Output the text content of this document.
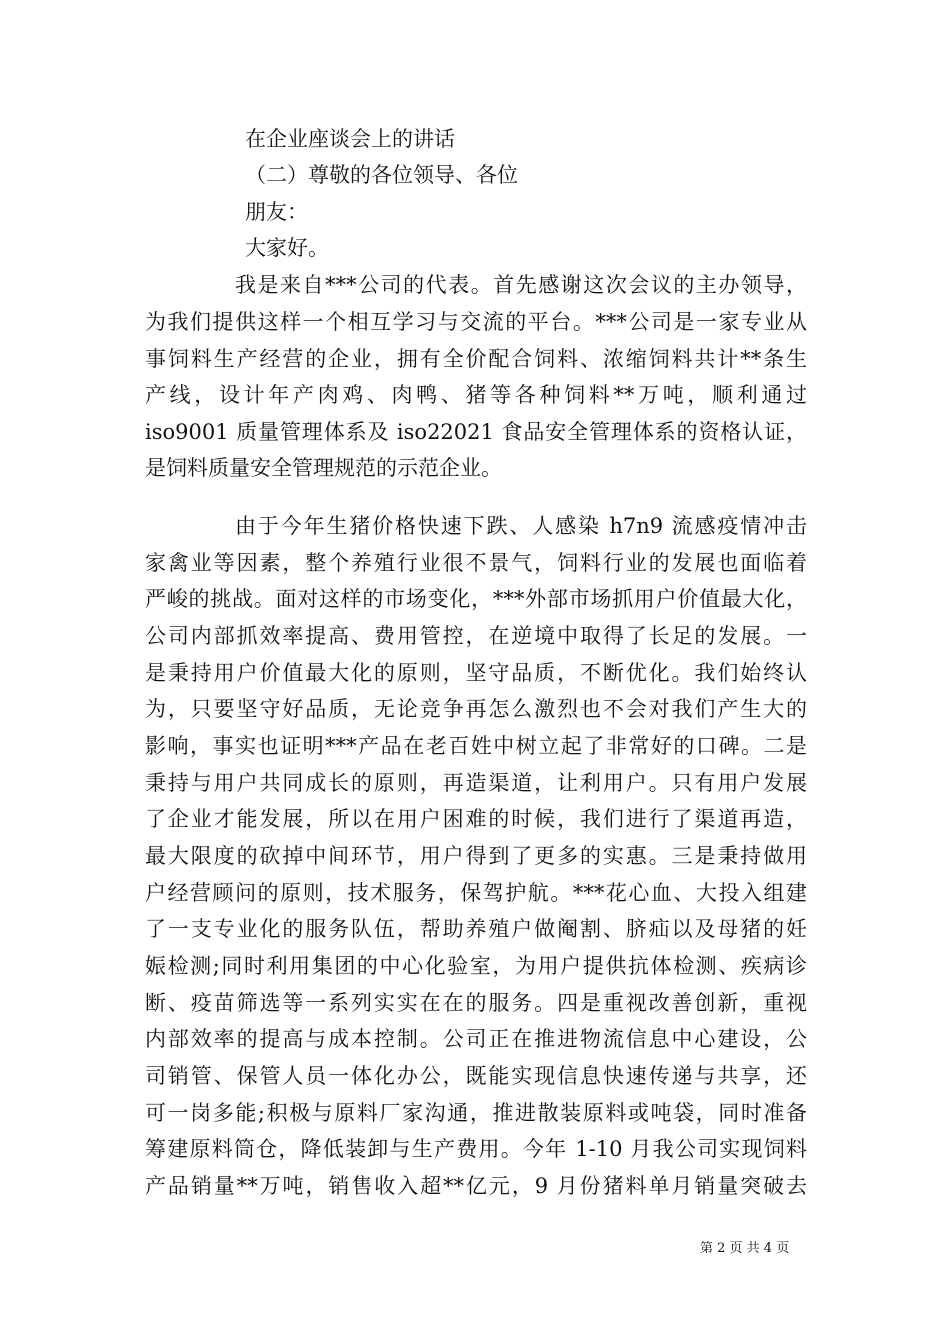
在企业座谈会上的讲话
（二）尊敬的各位领导、各位
朋友：
大家好。
我是来自***公司的代表。首先感谢这次会议的主办领导，
为我们提供这样一个相互学习与交流的平台。***公司是一家专业从
事饲料生产经营的企业，拥有全价配合饲料、浓缩饲料共计**条生
产线，设计年产肉鸡、肉鸭、猪等各种饲料**万吨，顺利通过
iso9001 质量管理体系及 iso22021 食品安全管理体系的资格认证，
是饲料质量安全管理规范的示范企业。
由于今年生猪价格快速下跌、人感染 h7n9 流感疫情冲击
家禽业等因素，整个养殖行业很不景气，饲料行业的发展也面临着
严峻的挑战。面对这样的市场变化，***外部市场抓用户价值最大化，
公司内部抓效率提高、费用管控，在逆境中取得了长足的发展。一
是秉持用户价值最大化的原则，坚守品质，不断优化。我们始终认
为，只要坚守好品质，无论竞争再怎么激烈也不会对我们产生大的
影响，事实也证明***产品在老百姓中树立起了非常好的口碑。二是
秉持与用户共同成长的原则，再造渠道，让利用户。只有用户发展
了企业才能发展，所以在用户困难的时候，我们进行了渠道再造，
最大限度的砍掉中间环节，用户得到了更多的实惠。三是秉持做用
户经营顾问的原则，技术服务，保驾护航。***花心血、大投入组建
了一支专业化的服务队伍，帮助养殖户做阉割、脐疝以及母猪的妊
娠检测;同时利用集团的中心化验室，为用户提供抗体检测、疾病诊
断、疫苗筛选等一系列实实在在的服务。四是重视改善创新，重视
内部效率的提高与成本控制。公司正在推进物流信息中心建设，公
司销管、保管人员一体化办公，既能实现信息快速传递与共享，还
可一岗多能;积极与原料厂家沟通，推进散装原料或吨袋，同时准备
筹建原料筒仓，降低装卸与生产费用。今年 1-10 月我公司实现饲料
产品销量**万吨，销售收入超**亿元，9 月份猪料单月销量突破去
第 2 页 共 4 页
